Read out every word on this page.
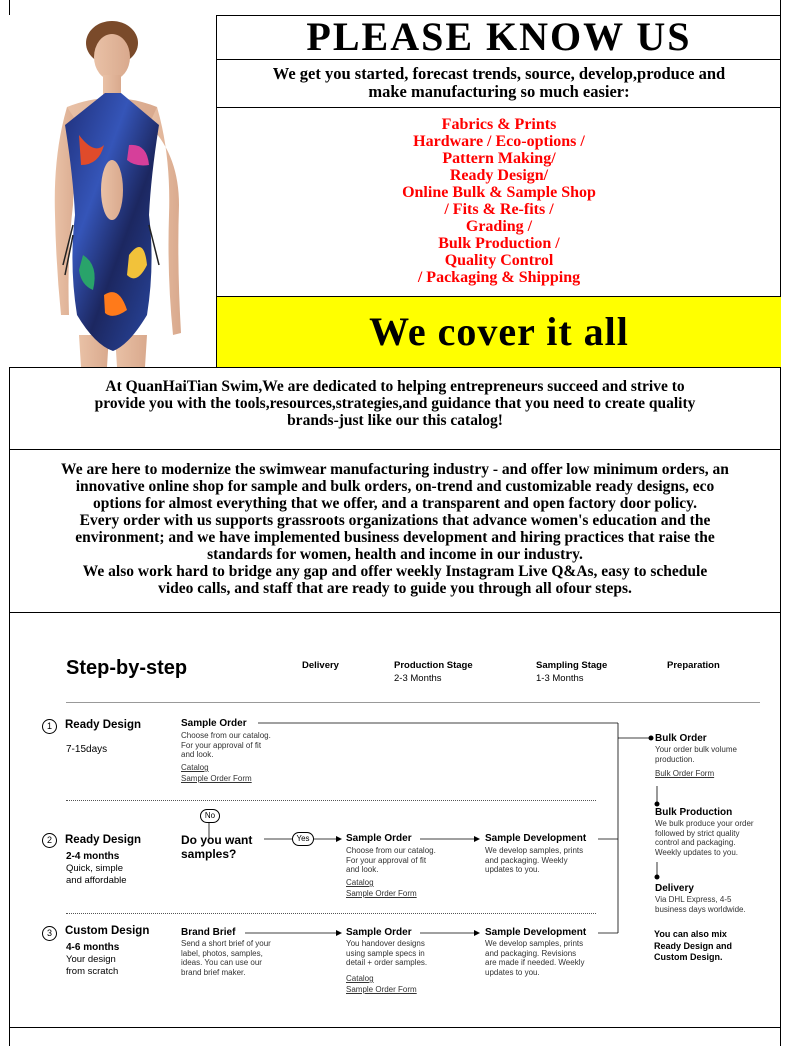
PLEASE KNOW US
We get you started, forecast trends, source, develop,produce and
make manufacturing so much easier:
Fabrics & Prints
Hardware / Eco-options /
Pattern Making/
Ready Design/
Online Bulk & Sample Shop
/ Fits & Re-fits /
Grading /
Bulk Production /
Quality Control
/ Packaging & Shipping
We cover it all
At QuanHaiTian Swim,We are dedicated to helping entrepreneurs succeed and strive to
provide you with the tools,resources,strategies,and guidance that you need to create quality
brands-just like our this catalog!
We are here to modernize the swimwear manufacturing industry - and offer low minimum orders, an
innovative online shop for sample and bulk orders, on-trend and customizable ready designs, eco
options for almost everything that we offer, and a transparent and open factory door policy.
Every order with us supports grassroots organizations that advance women's education and the
environment; and we have implemented business development and hiring practices that raise the
standards for women, health and income in our industry.
We also work hard to bridge any gap and offer weekly Instagram Live Q&As, easy to schedule
video calls, and staff that are ready to guide you through all ofour steps.
Step-by-step	Delivery	Production Stage
2-3 Months
Sampling Stage
1-3 Months
Preparation
1	Ready Design
7-15days
Sample Order
Choose from our catalog.
For your approval of fit
and look.
Catalog
Sample Order Form
No
2	Ready Design
2-4 months
Quick, simple
and affordable
Do you want
samples?
Yes	Sample Order
Choose from our catalog.
For your approval of fit
and look.
Catalog
Sample Order Form
Sample Development
We develop samples, prints
and packaging. Weekly
updates to you.
3	Custom Design
4-6 months
Your design
from scratch
Brand Brief
Send a short brief of your
label, photos, samples,
ideas. You can use our
brand brief maker.
Sample Order
You handover designs
using sample specs in
detail + order samples.
Catalog
Sample Order Form
Sample Development
We develop samples, prints
and packaging. Revisions
are made if needed. Weekly
updates to you.
Bulk Order
Your order bulk volume
production.
Bulk Order Form
Bulk Production
We bulk produce your order
followed by strict quality
control and packaging.
Weekly updates to you.
Delivery
Via DHL Express, 4-5
business days worldwide.
You can also mix
Ready Design and
Custom Design.
